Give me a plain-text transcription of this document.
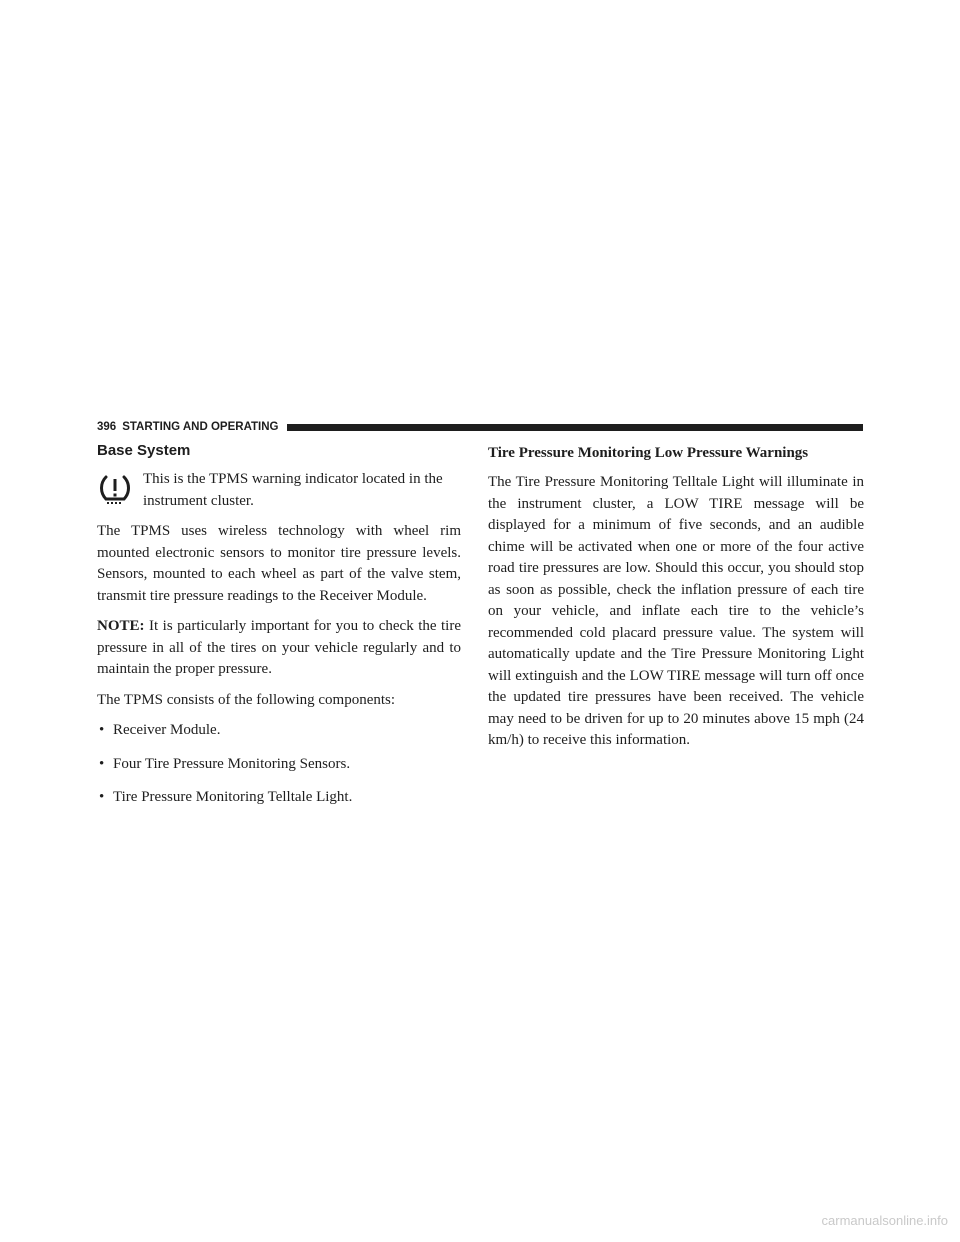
396 STARTING AND OPERATING
Base System
This is the TPMS warning indicator located in the instrument cluster.

The TPMS uses wireless technology with wheel rim mounted electronic sensors to monitor tire pressure levels. Sensors, mounted to each wheel as part of the valve stem, transmit tire pressure readings to the Receiver Module.

NOTE: It is particularly important for you to check the tire pressure in all of the tires on your vehicle regularly and to maintain the proper pressure.

The TPMS consists of the following components:

• Receiver Module.
• Four Tire Pressure Monitoring Sensors.
• Tire Pressure Monitoring Telltale Light.
Tire Pressure Monitoring Low Pressure Warnings

The Tire Pressure Monitoring Telltale Light will illuminate in the instrument cluster, a LOW TIRE message will be displayed for a minimum of five seconds, and an audible chime will be activated when one or more of the four active road tire pressures are low. Should this occur, you should stop as soon as possible, check the inflation pressure of each tire on your vehicle, and inflate each tire to the vehicle’s recommended cold placard pressure value. The system will automatically update and the Tire Pressure Monitoring Light will extinguish and the LOW TIRE message will turn off once the updated tire pressures have been received. The vehicle may need to be driven for up to 20 minutes above 15 mph (24 km/h) to receive this information.

carmanualsonline.info
